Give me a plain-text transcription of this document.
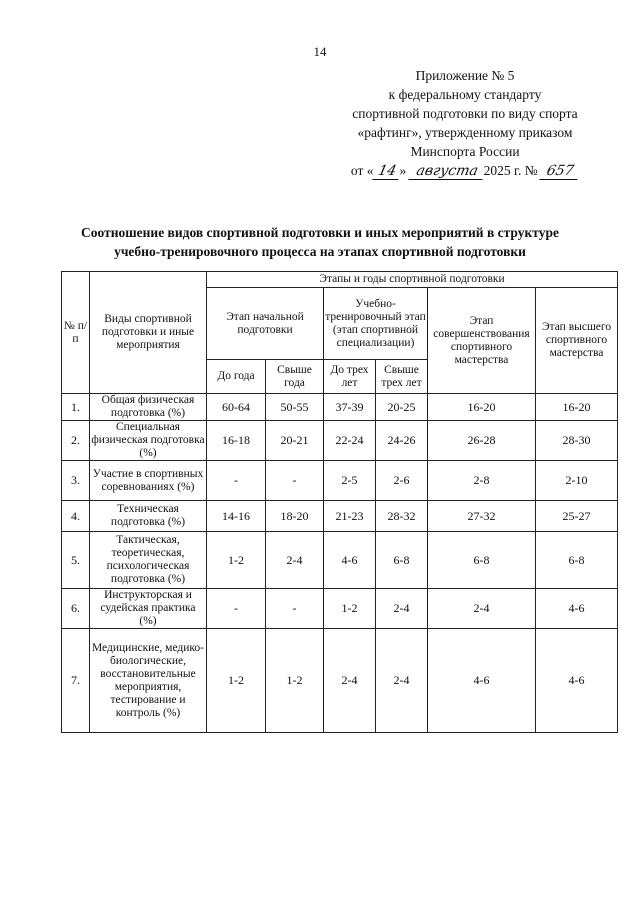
14
Приложение № 5
к федеральному стандарту
спортивной подготовки по виду спорта
«рафтинг», утвержденному приказом
Минспорта России
от « 14 » августа 2025 г. № 657
Соотношение видов спортивной подготовки и иных мероприятий в структуре
учебно-тренировочного процесса на этапах спортивной подготовки
№ п/п	Виды спортивной подготовки и иные мероприятия	Этапы и годы спортивной подготовки					
		Этап начальной подготовки		Учебно-тренировочный этап (этап спортивной специализации)		Этап совершенствования спортивного мастерства	Этап высшего спортивного мастерства
		До года	Свыше года	До трех лет	Свыше трех лет		
1.	Общая физическая подготовка (%)	60-64	50-55	37-39	20-25	16-20	16-20
2.	Специальная физическая подготовка (%)	16-18	20-21	22-24	24-26	26-28	28-30
3.	Участие в спортивных соревнованиях (%)	-	-	2-5	2-6	2-8	2-10
4.	Техническая подготовка (%)	14-16	18-20	21-23	28-32	27-32	25-27
5.	Тактическая, теоретическая, психологическая подготовка (%)	1-2	2-4	4-6	6-8	6-8	6-8
6.	Инструкторская и судейская практика (%)	-	-	1-2	2-4	2-4	4-6
7.	Медицинские, медико-биологические, восстановительные мероприятия, тестирование и контроль (%)	1-2	1-2	2-4	2-4	4-6	4-6
